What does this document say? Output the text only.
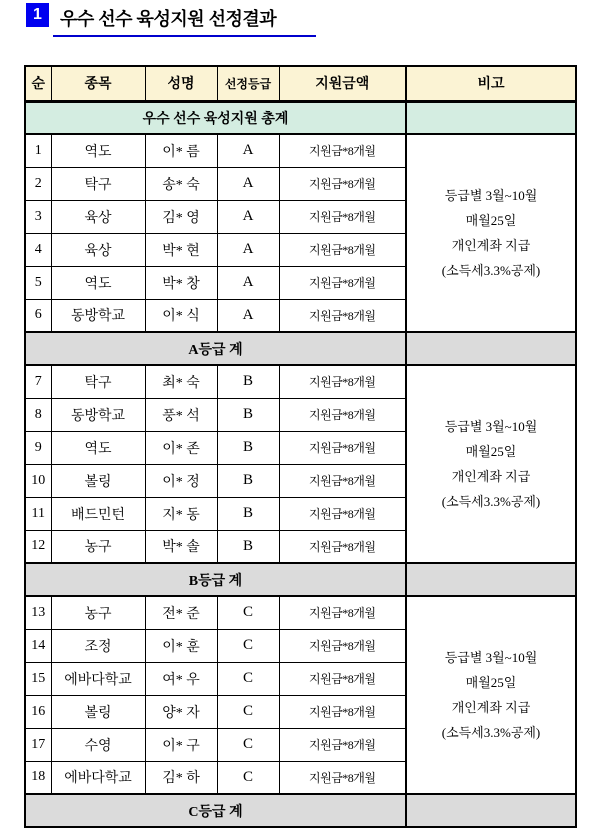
1	우수 선수 육성지원 선정결과
순	종목	성명	선정등급	지원금액	비고
우수 선수 육성지원 총계					
1	역도	이* 름	A	지원금*8개월	등급별 3월~10월
매월25일
개인계좌 지급
(소득세3.3%공제)

2	탁구	송* 숙	A	지원금*8개월	
3	육상	김* 영	A	지원금*8개월	
4	육상	박* 현	A	지원금*8개월	
5	역도	박* 창	A	지원금*8개월	
6	동방학교	이* 식	A	지원금*8개월	
A등급 계					
7	탁구	최* 숙	B	지원금*8개월	등급별 3월~10월
매월25일
개인계좌 지급
(소득세3.3%공제)

8	동방학교	풍* 석	B	지원금*8개월	
9	역도	이* 존	B	지원금*8개월	
10	볼링	이* 정	B	지원금*8개월	
11	배드민턴	지* 동	B	지원금*8개월	
12	농구	박* 솔	B	지원금*8개월	
B등급 계					
13	농구	전* 준	C	지원금*8개월	등급별 3월~10월
매월25일
개인계좌 지급
(소득세3.3%공제)

14	조정	이* 훈	C	지원금*8개월	
15	에바다학교	여* 우	C	지원금*8개월	
16	볼링	양* 자	C	지원금*8개월	
17	수영	이* 구	C	지원금*8개월	
18	에바다학교	김* 하	C	지원금*8개월	
C등급 계					
